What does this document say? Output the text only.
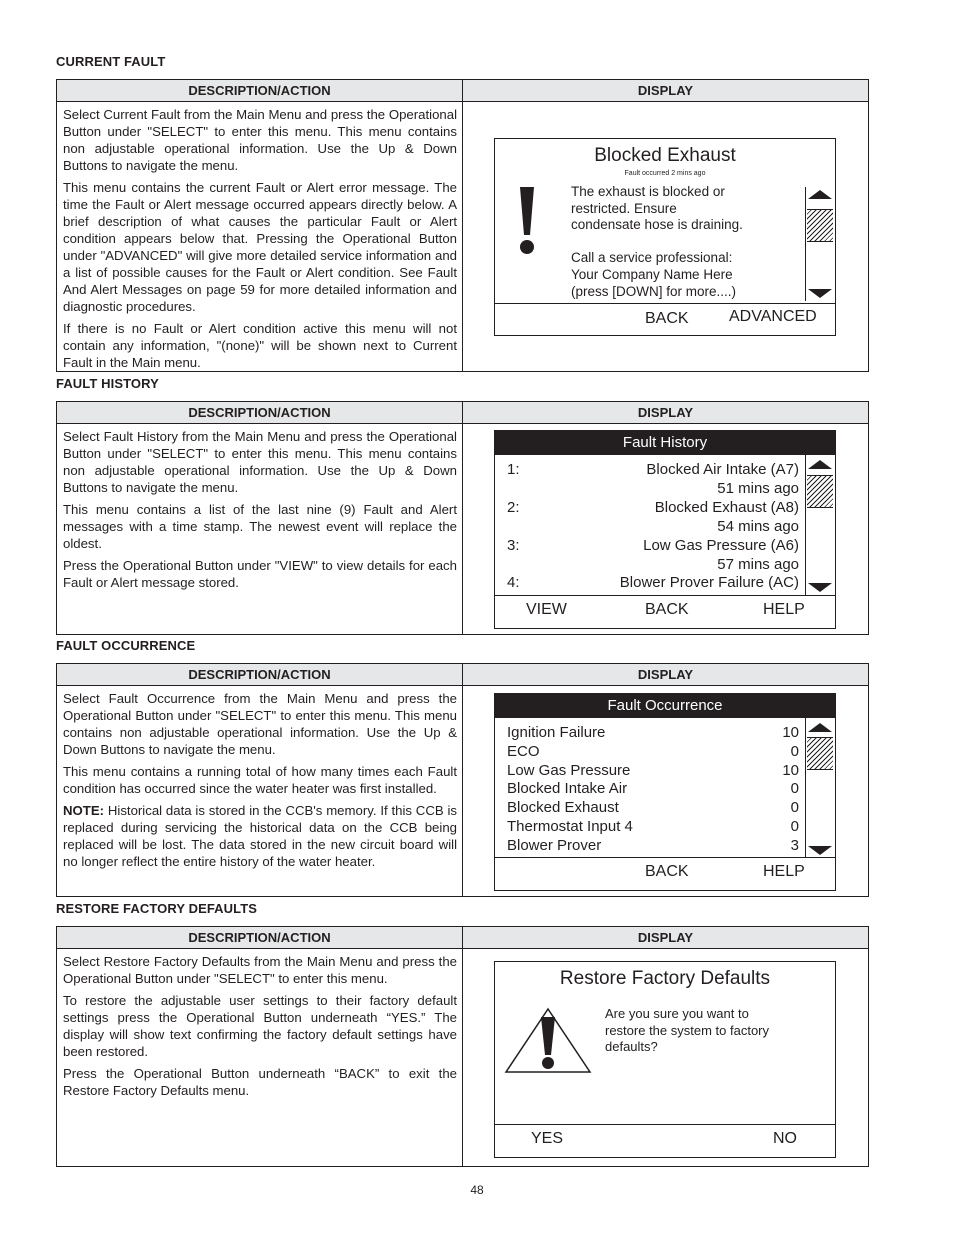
CURRENT FAULT
DESCRIPTION/ACTION	DISPLAY

Select Current Fault from the Main Menu and press the Operational Button under "SELECT" to enter this menu. This menu contains non adjustable operational information. Use the Up & Down Buttons to navigate the menu.

This menu contains the current Fault or Alert error message. The time the Fault or Alert message occurred appears directly below. A brief description of what causes the particular Fault or Alert condition appears below that. Pressing the Operational Button under "ADVANCED" will give more detailed service information and a list of possible causes for the Fault or Alert condition. See Fault And Alert Messages on page 59 for more detailed information and diagnostic procedures.

If there is no Fault or Alert condition active this menu will not contain any information, "(none)" will be shown next to Current Fault in the Main menu.

Blocked Exhaust
Fault occurred 2 mins ago
The exhaust is blocked or
restricted. Ensure
condensate hose is draining.
Call a service professional:
Your Company Name Here
(press [DOWN] for more....)
BACK	ADVANCED
FAULT HISTORY
DESCRIPTION/ACTION	DISPLAY

Select Fault History from the Main Menu and press the Operational Button under "SELECT" to enter this menu. This menu contains non adjustable operational information. Use the Up & Down Buttons to navigate the menu.

This menu contains a list of the last nine (9) Fault and Alert messages with a time stamp. The newest event will replace the oldest.

Press the Operational Button under "VIEW" to view details for each Fault or Alert message stored.

Fault History
1:	Blocked Air Intake (A7)
51 mins ago
2:	Blocked Exhaust (A8)
54 mins ago
3:	Low Gas Pressure (A6)
57 mins ago
4:	Blower Prover Failure (AC)
VIEW	BACK	HELP
FAULT OCCURRENCE
DESCRIPTION/ACTION	DISPLAY

Select Fault Occurrence from the Main Menu and press the Operational Button under "SELECT" to enter this menu. This menu contains non adjustable operational information. Use the Up & Down Buttons to navigate the menu.

This menu contains a running total of how many times each Fault condition has occurred since the water heater was first installed.

NOTE: Historical data is stored in the CCB's memory. If this CCB is replaced during servicing the historical data on the CCB being replaced will be lost. The data stored in the new circuit board will no longer reflect the entire history of the water heater.

Fault Occurrence
Ignition Failure	10
ECO	0
Low Gas Pressure	10
Blocked Intake Air	0
Blocked Exhaust	0
Thermostat Input 4	0
Blower Prover	3
BACK	HELP
RESTORE FACTORY DEFAULTS
DESCRIPTION/ACTION	DISPLAY

Select Restore Factory Defaults from the Main Menu and press the Operational Button under "SELECT" to enter this menu.

To restore the adjustable user settings to their factory default settings press the Operational Button underneath “YES.” The display will show text confirming the factory default settings have been restored.

Press the Operational Button underneath “BACK” to exit the Restore Factory Defaults menu.

Restore Factory Defaults
Are you sure you want to
restore the system to factory
defaults?
YES	NO
48
